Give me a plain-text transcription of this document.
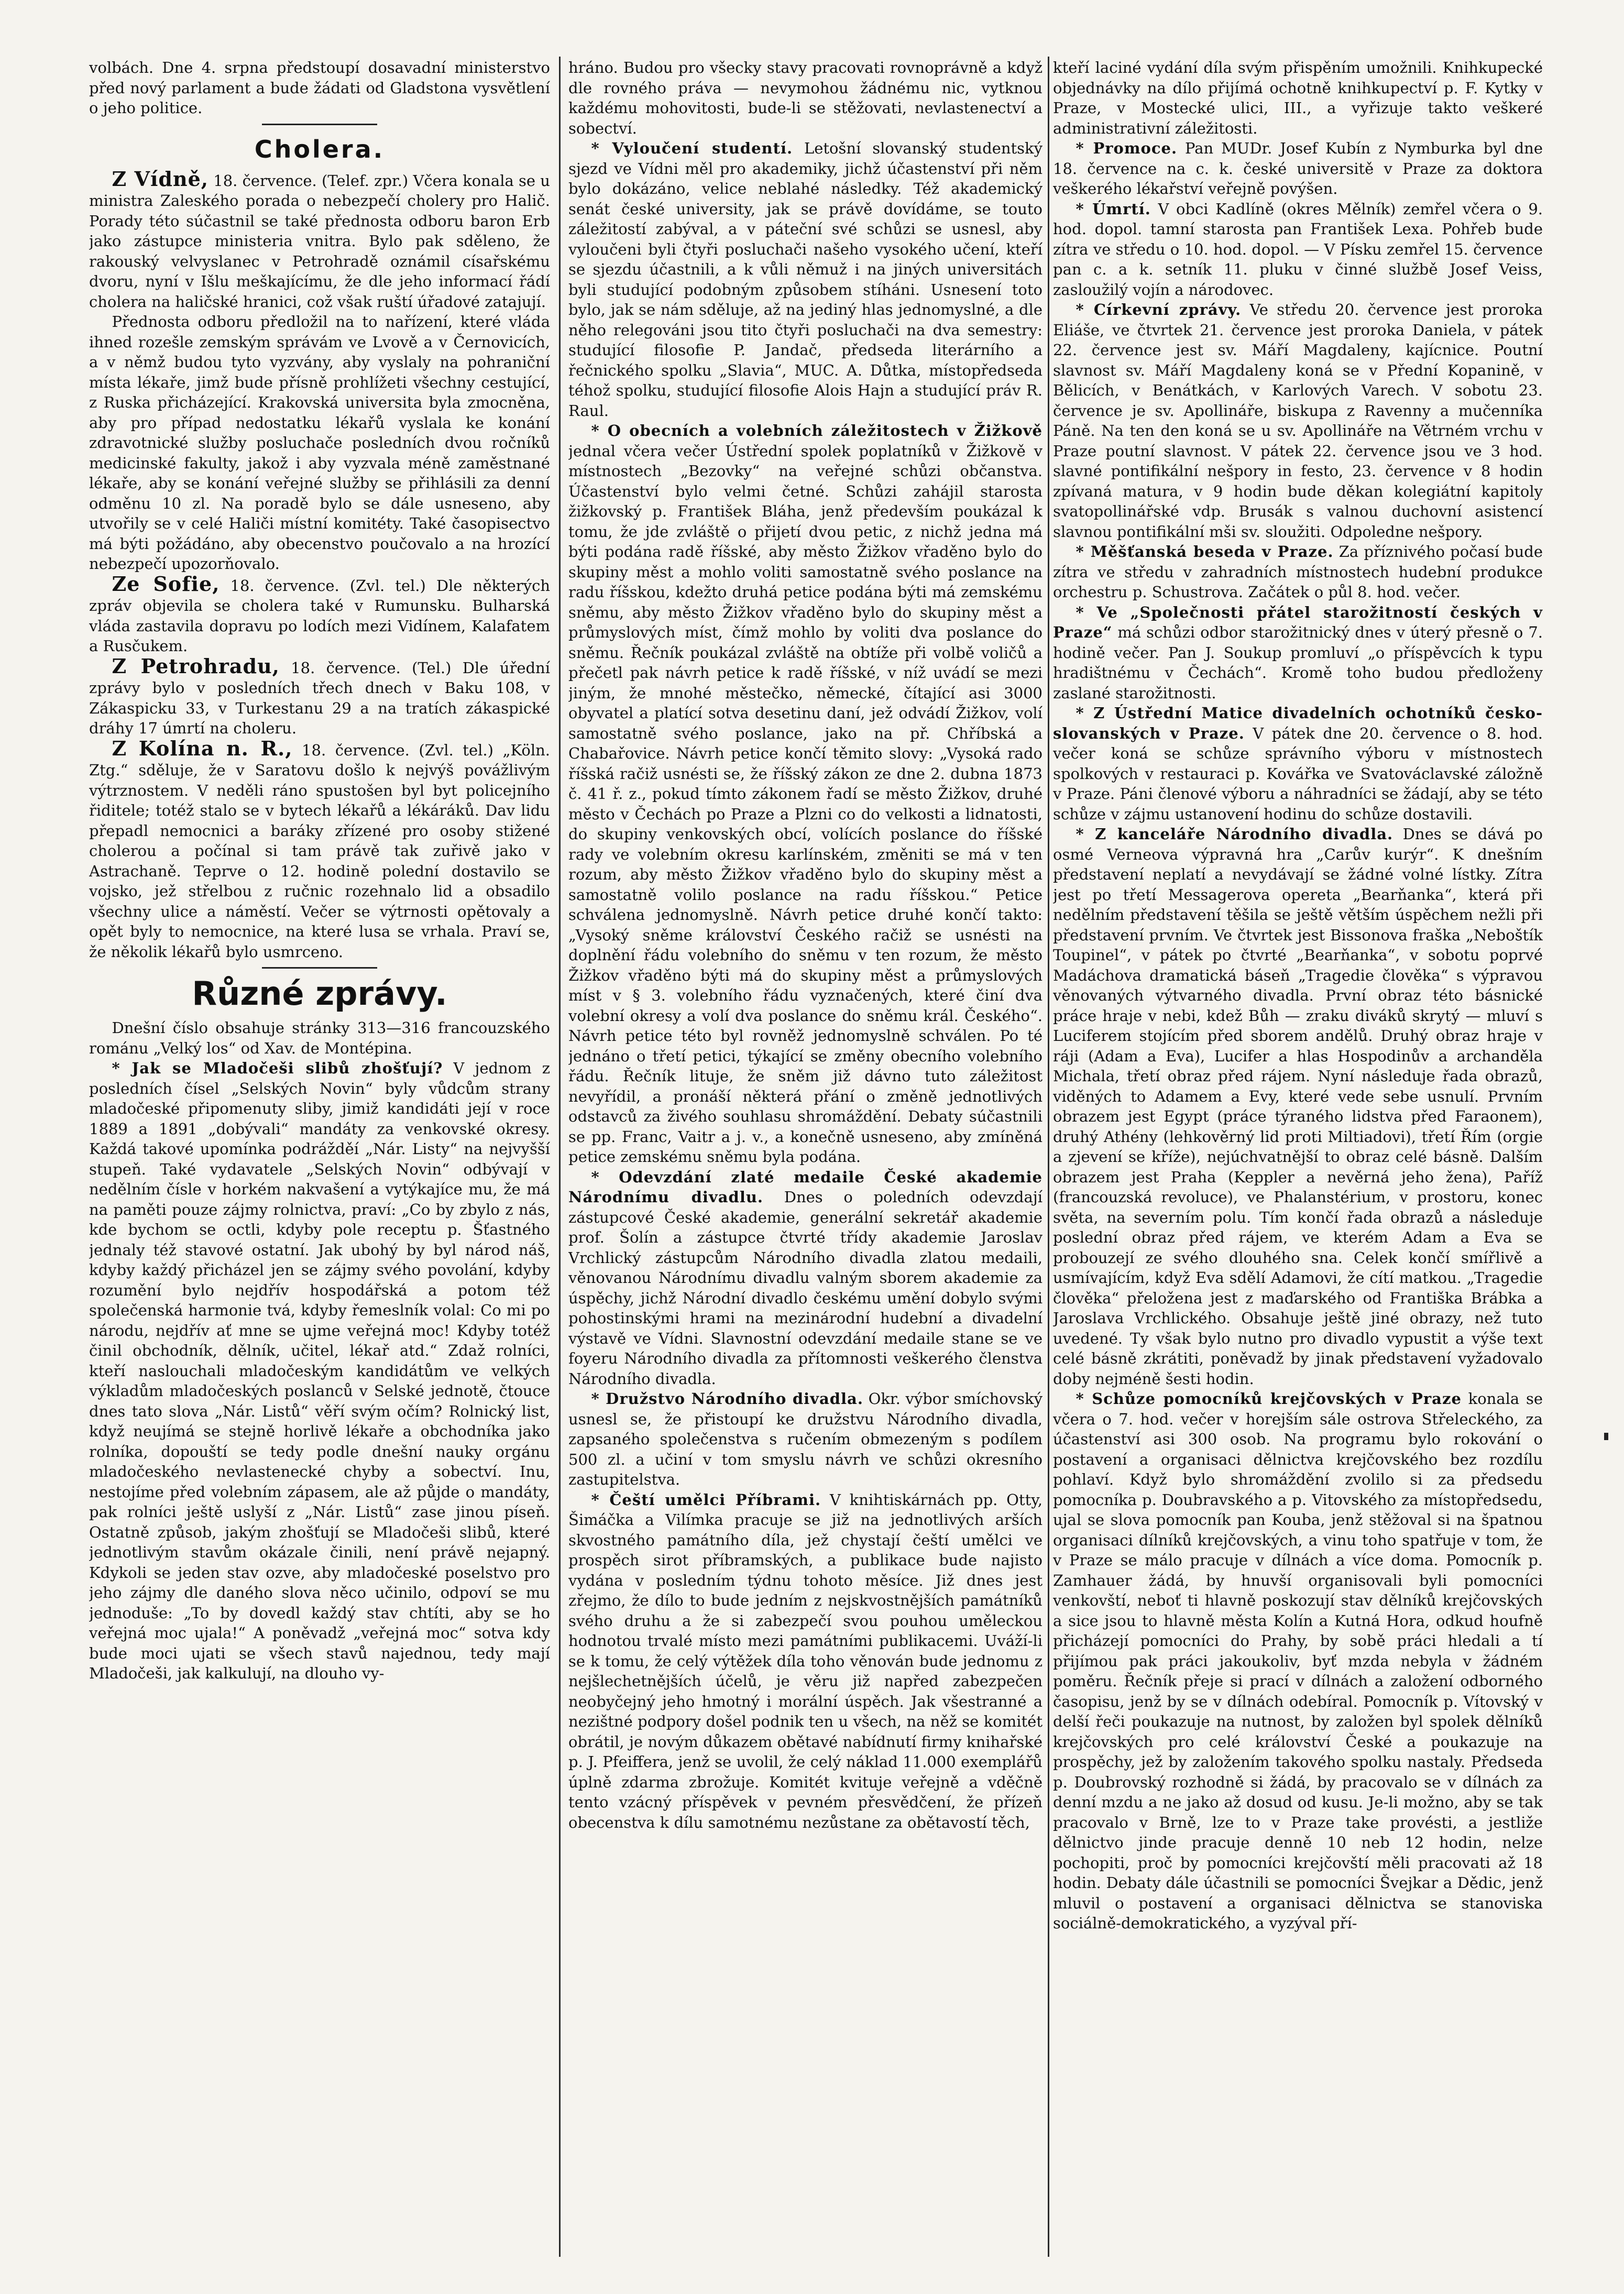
volbách. Dne 4. srpna předstoupí dosavadní ministerstvo před nový parlament a bude žádati od Gladstona vysvětlení o jeho politice.

Cholera.

Z Vídně, 18. července. (Telef. zpr.) Včera konala se u ministra Zaleského porada o nebezpečí cholery pro Halič. Porady této súčastnil se také přednosta odboru baron Erb jako zástupce ministeria vnitra. Bylo pak sděleno, že rakouský velvyslanec v Petrohradě oznámil císařskému dvoru, nyní v Išlu meškajícímu, že dle jeho informací řádí cholera na haličské hranici, což však ruští úřadové zatajují.

Přednosta odboru předložil na to nařízení, které vláda ihned rozešle zemským správám ve Lvově a v Černovicích, a v němž budou tyto vyzvány, aby vyslaly na pohraniční místa lékaře, jimž bude přísně prohlížeti všechny cestující, z Ruska přicházející. Krakovská universita byla zmocněna, aby pro případ nedostatku lékařů vyslala ke konání zdravotnické služby posluchače posledních dvou ročníků medicinské fakulty, jakož i aby vyzvala méně zaměstnané lékaře, aby se konání veřejné služby se přihlásili za denní odměnu 10 zl. Na poradě bylo se dále usneseno, aby utvořily se v celé Haliči místní komitéty. Také časopisectvo má býti požádáno, aby obecenstvo poučovalo a na hrozící nebezpečí upozorňovalo.

Ze Sofie, 18. července. (Zvl. tel.) Dle některých zpráv objevila se cholera také v Rumunsku. Bulharská vláda zastavila dopravu po lodích mezi Vidínem, Kalafatem a Rusčukem.

Z Petrohradu, 18. července. (Tel.) Dle úřední zprávy bylo v posledních třech dnech v Baku 108, v Zákaspicku 33, v Turkestanu 29 a na tratích zákaspické dráhy 17 úmrtí na choleru.

Z Kolína n. R., 18. července. (Zvl. tel.) „Köln. Ztg.“ sděluje, že v Saratovu došlo k nejvýš povážlivým výtrznostem. V neděli ráno spustošen byl byt policejního řiditele; totéž stalo se v bytech lékařů a lékáráků. Dav lidu přepadl nemocnici a baráky zřízené pro osoby stižené cholerou a počínal si tam právě tak zuřivě jako v Astrachaně. Teprve o 12. hodině polední dostavilo se vojsko, jež střelbou z ručnic rozehnalo lid a obsadilo všechny ulice a náměstí. Večer se výtrnosti opětovaly a opět byly to nemocnice, na které lusa se vrhala. Praví se, že několik lékařů bylo usmrceno.

Různé zprávy.

Dnešní číslo obsahuje stránky 313—316 francouzského románu „Velký los“ od Xav. de Montépina.

* Jak se Mladočeši slibů zhošťují? V jednom z posledních čísel „Selských Novin“ byly vůdcům strany mladočeské připomenuty sliby, jimiž kandidáti její v roce 1889 a 1891 „dobývali“ mandáty za venkovské okresy. Každá takové upomínka podrážděí „Nár. Listy“ na nejvyšší stupeň. Také vydavatele „Selských Novin“ odbývají v nedělním čísle v horkém nakvašení a vytýkajíce mu, že má na paměti pouze zájmy rolnictva, praví: „Co by zbylo z nás, kde bychom se octli, kdyby pole receptu p. Šťastného jednaly též stavové ostatní. Jak ubohý by byl národ náš, kdyby každý přicházel jen se zájmy svého povolání, kdyby rozumění bylo nejdřív hospodářská a potom též společenská harmonie tvá, kdyby řemeslník volal: Co mi po národu, nejdřív ať mne se ujme veřejná moc! Kdyby totéž činil obchodník, dělník, učitel, lékař atd.“ Zdaž rolníci, kteří naslouchali mladočeským kandidátům ve velkých výkladům mladočeských poslanců v Selské jednotě, čtouce dnes tato slova „Nár. Listů“ věří svým očím? Rolnický list, když neujímá se stejně horlivě lékaře a obchodníka jako rolníka, dopouští se tedy podle dnešní nauky orgánu mladočeského nevlastenecké chyby a sobectví. Inu, nestojíme před volebním zápasem, ale až půjde o mandáty, pak rolníci ještě uslyší z „Nár. Listů“ zase jinou píseň. Ostatně způsob, jakým zhošťují se Mladočeši slibů, které jednotlivým stavům okázale činili, není právě nejapný. Kdykoli se jeden stav ozve, aby mladočeské poselstvo pro jeho zájmy dle daného slova něco učinilo, odpoví se mu jednoduše: „To by dovedl každý stav chtíti, aby se ho veřejná moc ujala!“ A poněvadž „veřejná moc“ sotva kdy bude moci ujati se všech stavů najednou, tedy mají Mladočeši, jak kalkulují, na dlouho vy-

hráno. Budou pro všecky stavy pracovati rovnoprávně a když dle rovného práva — nevymohou žádnému nic, vytknou každému mohovitosti, bude-li se stěžovati, nevlastenectví a sobectví.

* Vyloučení studentí. Letošní slovanský studentský sjezd ve Vídni měl pro akademiky, jichž účastenství při něm bylo dokázáno, velice neblahé následky. Též akademický senát české university, jak se právě dovídáme, se touto záležitostí zabýval, a v páteční své schůzi se usnesl, aby vyloučeni byli čtyři posluchači našeho vysokého učení, kteří se sjezdu účastnili, a k vůli němuž i na jiných universitách byli studující podobným způsobem stíháni. Usnesení toto bylo, jak se nám sděluje, až na jediný hlas jednomyslné, a dle něho relegováni jsou tito čtyři posluchači na dva semestry: studující filosofie P. Jandač, předseda literárního a řečnického spolku „Slavia“, MUC. A. Důtka, místopředseda téhož spolku, studující filosofie Alois Hajn a studující práv R. Raul.

* O obecních a volebních záležitostech v Žižkově jednal včera večer Ústřední spolek poplatníků v Žižkově v místnostech „Bezovky“ na veřejné schůzi občanstva. Účastenství bylo velmi četné. Schůzi zahájil starosta žižkovský p. František Bláha, jenž především poukázal k tomu, že jde zvláště o přijetí dvou petic, z nichž jedna má býti podána radě říšské, aby město Žižkov vřaděno bylo do skupiny měst a mohlo voliti samostatně svého poslance na radu říšskou, kdežto druhá petice podána býti má zemskému sněmu, aby město Žižkov vřaděno bylo do skupiny měst a průmyslových míst, čímž mohlo by voliti dva poslance do sněmu. Řečník poukázal zvláště na obtíže při volbě voličů a přečetl pak návrh petice k radě říšské, v níž uvádí se mezi jiným, že mnohé městečko, německé, čítající asi 3000 obyvatel a platící sotva desetinu daní, jež odvádí Žižkov, volí samostatně svého poslance, jako na př. Chříbská a Chabařovice. Návrh petice končí těmito slovy: „Vysoká rado říšská račiž usnésti se, že říšský zákon ze dne 2. dubna 1873 č. 41 ř. z., pokud tímto zákonem řadí se město Žižkov, druhé město v Čechách po Praze a Plzni co do velkosti a lidnatosti, do skupiny venkovských obcí, volících poslance do říšské rady ve volebním okresu karlínském, změniti se má v ten rozum, aby město Žižkov vřaděno bylo do skupiny měst a samostatně volilo poslance na radu říšskou.“ Petice schválena jednomyslně. Návrh petice druhé končí takto: „Vysoký sněme království Českého račiž se usnésti na doplnění řádu volebního do sněmu v ten rozum, že město Žižkov vřaděno býti má do skupiny měst a průmyslových míst v § 3. volebního řádu vyznačených, které činí dva volební okresy a volí dva poslance do sněmu král. Českého“. Návrh petice této byl rovněž jednomyslně schválen. Po té jednáno o třetí petici, týkající se změny obecního volebního řádu. Řečník lituje, že sněm již dávno tuto záležitost nevyřídil, a pronáší některá přání o změně jednotlivých odstavců za živého souhlasu shromáždění. Debaty súčastnili se pp. Franc, Vaitr a j. v., a konečně usneseno, aby zmíněná petice zemskému sněmu byla podána.

* Odevzdání zlaté medaile České akademie Národnímu divadlu. Dnes o poledních odevzdají zástupcové České akademie, generální sekretář akademie prof. Šolín a zástupce čtvrté třídy akademie Jaroslav Vrchlický zástupcům Národního divadla zlatou medaili, věnovanou Národnímu divadlu valným sborem akademie za úspěchy, jichž Národní divadlo českému umění dobylo svými pohostinskými hrami na mezinárodní hudební a divadelní výstavě ve Vídni. Slavnostní odevzdání medaile stane se ve foyeru Národního divadla za přítomnosti veškerého členstva Národního divadla.

* Družstvo Národního divadla. Okr. výbor smíchovský usnesl se, že přistoupí ke družstvu Národního divadla, zapsaného společenstva s ručením obmezeným s podílem 500 zl. a učiní v tom smyslu návrh ve schůzi okresního zastupitelstva.

* Čeští umělci Příbrami. V knihtiskárnách pp. Otty, Šimáčka a Vilímka pracuje se již na jednotlivých arších skvostného památního díla, jež chystají čeští umělci ve prospěch sirot příbramských, a publikace bude najisto vydána v posledním týdnu tohoto měsíce. Již dnes jest zřejmo, že dílo to bude jedním z nejskvostnějších památníků svého druhu a že si zabezpečí svou pouhou uměleckou hodnotou trvalé místo mezi památními publikacemi. Uváží-li se k tomu, že celý výtěžek díla toho věnován bude jednomu z nejšlechetnějších účelů, je věru již napřed zabezpečen neobyčejný jeho hmotný i morální úspěch. Jak všestranné a nezištné podpory došel podnik ten u všech, na něž se komitét obrátil, je novým důkazem obětavé nabídnutí firmy knihařské p. J. Pfeiffera, jenž se uvolil, že celý náklad 11.000 exemplářů úplně zdarma zbrožuje. Komitét kvituje veřejně a vděčně tento vzácný příspěvek v pevném přesvědčení, že přízeň obecenstva k dílu samotnému nezůstane za obětavostí těch,

kteří laciné vydání díla svým přispěním umožnili. Knihkupecké objednávky na dílo přijímá ochotně knihkupectví p. F. Kytky v Praze, v Mostecké ulici, III., a vyřizuje takto veškeré administrativní záležitosti.

* Promoce. Pan MUDr. Josef Kubín z Nymburka byl dne 18. července na c. k. české universitě v Praze za doktora veškerého lékařství veřejně povýšen.

* Úmrtí. V obci Kadlíně (okres Mělník) zemřel včera o 9. hod. dopol. tamní starosta pan František Lexa. Pohřeb bude zítra ve středu o 10. hod. dopol. — V Písku zemřel 15. července pan c. a k. setník 11. pluku v činné službě Josef Veiss, zasloužilý vojín a národovec.

* Církevní zprávy. Ve středu 20. července jest proroka Eliáše, ve čtvrtek 21. července jest proroka Daniela, v pátek 22. července jest sv. Máří Magdaleny, kajícnice. Poutní slavnost sv. Máří Magdaleny koná se v Přední Kopanině, v Bělicích, v Benátkách, v Karlových Varech. V sobotu 23. července je sv. Apollináře, biskupa z Ravenny a mučenníka Páně. Na ten den koná se u sv. Apollináře na Větrném vrchu v Praze poutní slavnost. V pátek 22. července jsou ve 3 hod. slavné pontifikální nešpory in festo, 23. července v 8 hodin zpívaná matura, v 9 hodin bude děkan kolegiátní kapitoly svatopollinářské vdp. Brusák s valnou duchovní asistencí slavnou pontifikální mši sv. sloužiti. Odpoledne nešpory.

* Měšťanská beseda v Praze. Za příznivého počasí bude zítra ve středu v zahradních místnostech hudební produkce orchestru p. Schustrova. Začátek o půl 8. hod. večer.

* Ve „Společnosti přátel starožitností českých v Praze“ má schůzi odbor starožitnický dnes v úterý přesně o 7. hodině večer. Pan J. Soukup promluví „o příspěvcích k typu hradištnému v Čechách“. Kromě toho budou předloženy zaslané starožitnosti.

* Z Ústřední Matice divadelních ochotníků česko-slovanských v Praze. V pátek dne 20. července o 8. hod. večer koná se schůze správního výboru v místnostech spolkových v restauraci p. Kovářka ve Svatováclavské záložně v Praze. Páni členové výboru a náhradníci se žádají, aby se této schůze v zájmu ustanovení hodinu do schůze dostavili.

* Z kanceláře Národního divadla. Dnes se dává po osmé Verneova výpravná hra „Carův kurýr“. K dnešním představení neplatí a nevydávají se žádné volné lístky. Zítra jest po třetí Messagerova opereta „Bearňanka“, která při nedělním představení těšila se ještě větším úspěchem nežli při představení prvním. Ve čtvrtek jest Bissonova fraška „Neboštík Toupinel“, v pátek po čtvrté „Bearňanka“, v sobotu poprvé Madáchova dramatická báseň „Tragedie člověka“ s výpravou věnovaných výtvarného divadla. První obraz této básnické práce hraje v nebi, kdež Bůh — zraku diváků skrytý — mluví s Luciferem stojícím před sborem andělů. Druhý obraz hraje v ráji (Adam a Eva), Lucifer a hlas Hospodinův a archanděla Michala, třetí obraz před rájem. Nyní následuje řada obrazů, viděných to Adamem a Evy, které vede sebe usnulí. Prvním obrazem jest Egypt (práce týraného lidstva před Faraonem), druhý Athény (lehkověrný lid proti Miltiadovi), třetí Řím (orgie a zjevení se kříže), nejúchvatnější to obraz celé básně. Dalším obrazem jest Praha (Keppler a nevěrná jeho žena), Paříž (francouzská revoluce), ve Phalanstérium, v prostoru, konec světa, na severním polu. Tím končí řada obrazů a následuje poslední obraz před rájem, ve kterém Adam a Eva se probouzejí ze svého dlouhého sna. Celek končí smířlivě a usmívajícím, když Eva sdělí Adamovi, že cítí matkou. „Tragedie člověka“ přeložena jest z maďarského od Františka Brábka a Jaroslava Vrchlického. Obsahuje ještě jiné obrazy, než tuto uvedené. Ty však bylo nutno pro divadlo vypustit a výše text celé básně zkrátiti, poněvadž by jinak představení vyžadovalo doby nejméně šesti hodin.

* Schůze pomocníků krejčovských v Praze konala se včera o 7. hod. večer v horejším sále ostrova Střeleckého, za účastenství asi 300 osob. Na programu bylo rokování o postavení a organisaci dělnictva krejčovského bez rozdílu pohlaví. Když bylo shromáždění zvolilo si za předsedu pomocníka p. Doubravského a p. Vitovského za místopředsedu, ujal se slova pomocník pan Kouba, jenž stěžoval si na špatnou organisaci dílníků krejčovských, a vinu toho spatřuje v tom, že v Praze se málo pracuje v dílnách a více doma. Pomocník p. Zamhauer žádá, by hnuvší organisovali byli pomocníci venkovští, neboť ti hlavně poskozují stav dělníků krejčovských a sice jsou to hlavně města Kolín a Kutná Hora, odkud houfně přicházejí pomocníci do Prahy, by sobě práci hledali a tí přijímou pak práci jakoukoliv, byť mzda nebyla v žádném poměru. Řečník přeje si prací v dílnách a založení odborného časopisu, jenž by se v dílnách odebíral. Pomocník p. Vítovský v delší řeči poukazuje na nutnost, by založen byl spolek dělníků krejčovských pro celé království České a poukazuje na prospěchy, jež by založením takového spolku nastaly. Předseda p. Doubrovský rozhodně si žádá, by pracovalo se v dílnách za denní mzdu a ne jako až dosud od kusu. Je-li možno, aby se tak pracovalo v Brně, lze to v Praze take provésti, a jestliže dělnictvo jinde pracuje denně 10 neb 12 hodin, nelze pochopiti, proč by pomocníci krejčovští měli pracovati až 18 hodin. Debaty dále účastnili se pomocníci Švejkar a Dědic, jenž mluvil o postavení a organisaci dělnictva se stanoviska sociálně-demokratického, a vyzýval pří-
